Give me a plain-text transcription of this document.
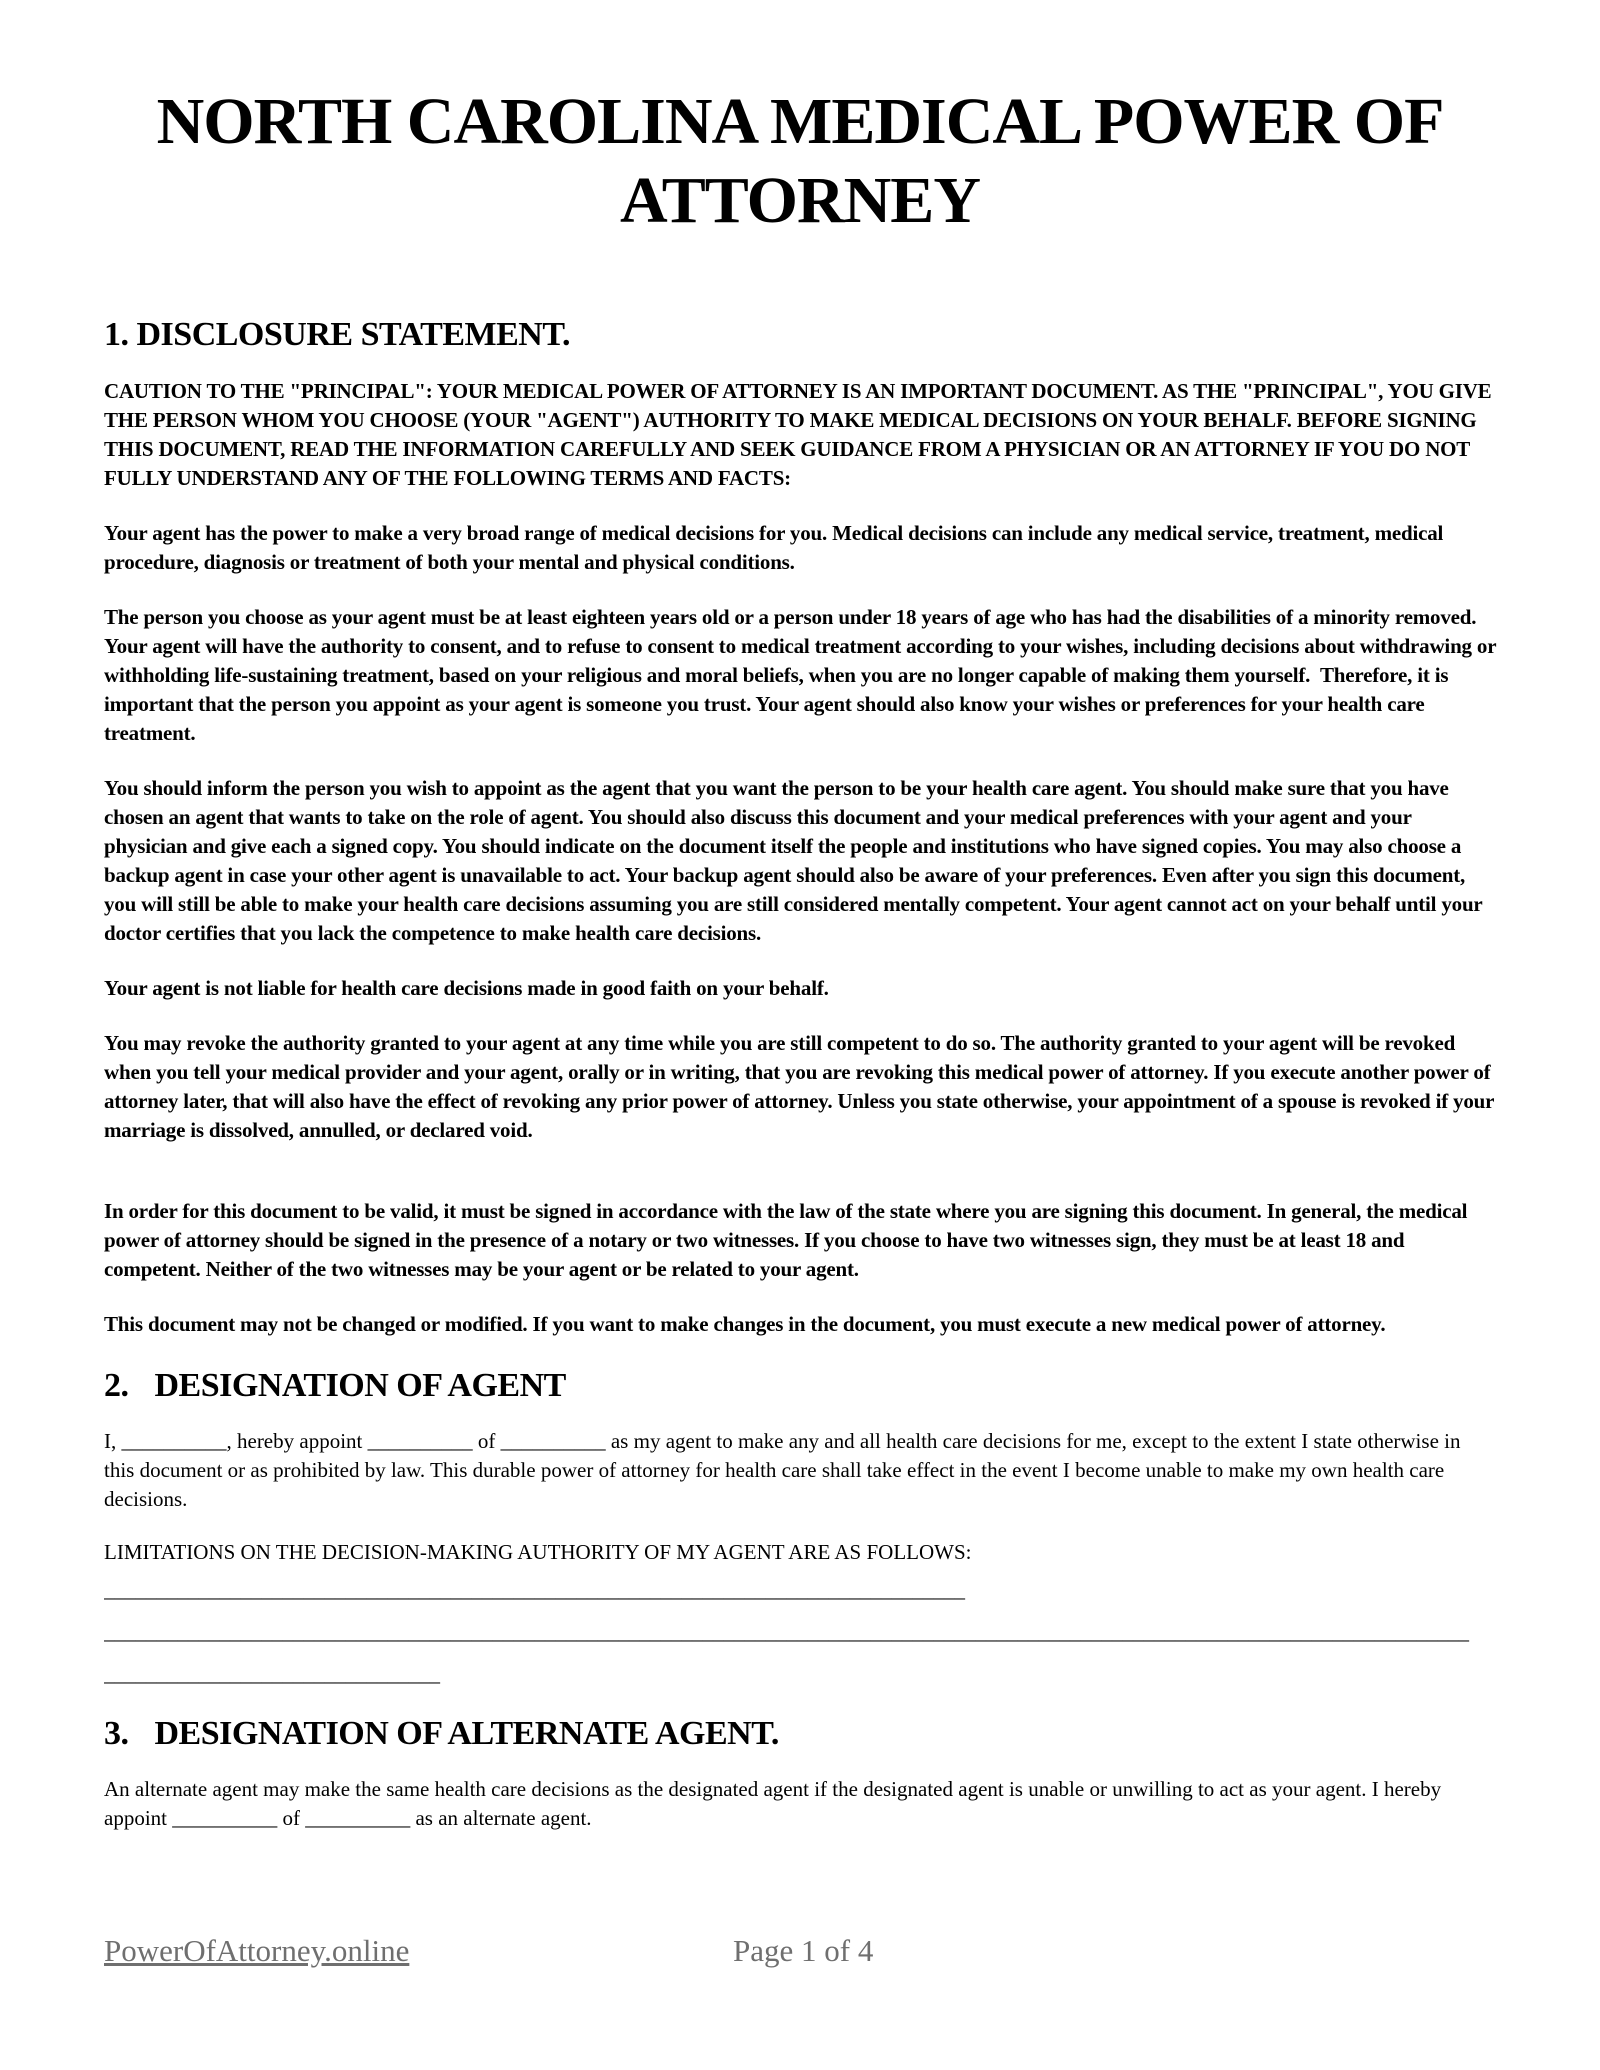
NORTH CAROLINA MEDICAL POWER OF ATTORNEY
1. DISCLOSURE STATEMENT.

CAUTION TO THE "PRINCIPAL": YOUR MEDICAL POWER OF ATTORNEY IS AN IMPORTANT DOCUMENT. AS THE "PRINCIPAL", YOU GIVE THE PERSON WHOM YOU CHOOSE (YOUR "AGENT") AUTHORITY TO MAKE MEDICAL DECISIONS ON YOUR BEHALF. BEFORE SIGNING THIS DOCUMENT, READ THE INFORMATION CAREFULLY AND SEEK GUIDANCE FROM A PHYSICIAN OR AN ATTORNEY IF YOU DO NOT FULLY UNDERSTAND ANY OF THE FOLLOWING TERMS AND FACTS:

Your agent has the power to make a very broad range of medical decisions for you. Medical decisions can include any medical service, treatment, medical procedure, diagnosis or treatment of both your mental and physical conditions.

The person you choose as your agent must be at least eighteen years old or a person under 18 years of age who has had the disabilities of a minority removed. Your agent will have the authority to consent, and to refuse to consent to medical treatment according to your wishes, including decisions about withdrawing or withholding life-sustaining treatment, based on your religious and moral beliefs, when you are no longer capable of making them yourself.  Therefore, it is important that the person you appoint as your agent is someone you trust. Your agent should also know your wishes or preferences for your health care treatment.

You should inform the person you wish to appoint as the agent that you want the person to be your health care agent. You should make sure that you have chosen an agent that wants to take on the role of agent. You should also discuss this document and your medical preferences with your agent and your physician and give each a signed copy. You should indicate on the document itself the people and institutions who have signed copies. You may also choose a backup agent in case your other agent is unavailable to act. Your backup agent should also be aware of your preferences. Even after you sign this document, you will still be able to make your health care decisions assuming you are still considered mentally competent. Your agent cannot act on your behalf until your doctor certifies that you lack the competence to make health care decisions.

Your agent is not liable for health care decisions made in good faith on your behalf.

You may revoke the authority granted to your agent at any time while you are still competent to do so. The authority granted to your agent will be revoked when you tell your medical provider and your agent, orally or in writing, that you are revoking this medical power of attorney. If you execute another power of attorney later, that will also have the effect of revoking any prior power of attorney. Unless you state otherwise, your appointment of a spouse is revoked if your marriage is dissolved, annulled, or declared void.

In order for this document to be valid, it must be signed in accordance with the law of the state where you are signing this document. In general, the medical power of attorney should be signed in the presence of a notary or two witnesses. If you choose to have two witnesses sign, they must be at least 18 and competent. Neither of the two witnesses may be your agent or be related to your agent.

This document may not be changed or modified. If you want to make changes in the document, you must execute a new medical power of attorney.

2. DESIGNATION OF AGENT

I, __________, hereby appoint __________ of __________ as my agent to make any and all health care decisions for me, except to the extent I state otherwise in this document or as prohibited by law. This durable power of attorney for health care shall take effect in the event I become unable to make my own health care decisions.

LIMITATIONS ON THE DECISION-MAKING AUTHORITY OF MY AGENT ARE AS FOLLOWS:

__________________________________________________________________________________
__________________________________________________________________________________________________________________________________
________________________________
3. DESIGNATION OF ALTERNATE AGENT.

An alternate agent may make the same health care decisions as the designated agent if the designated agent is unable or unwilling to act as your agent. I hereby appoint __________ of __________ as an alternate agent.

PowerOfAttorney.online	Page 1 of 4
